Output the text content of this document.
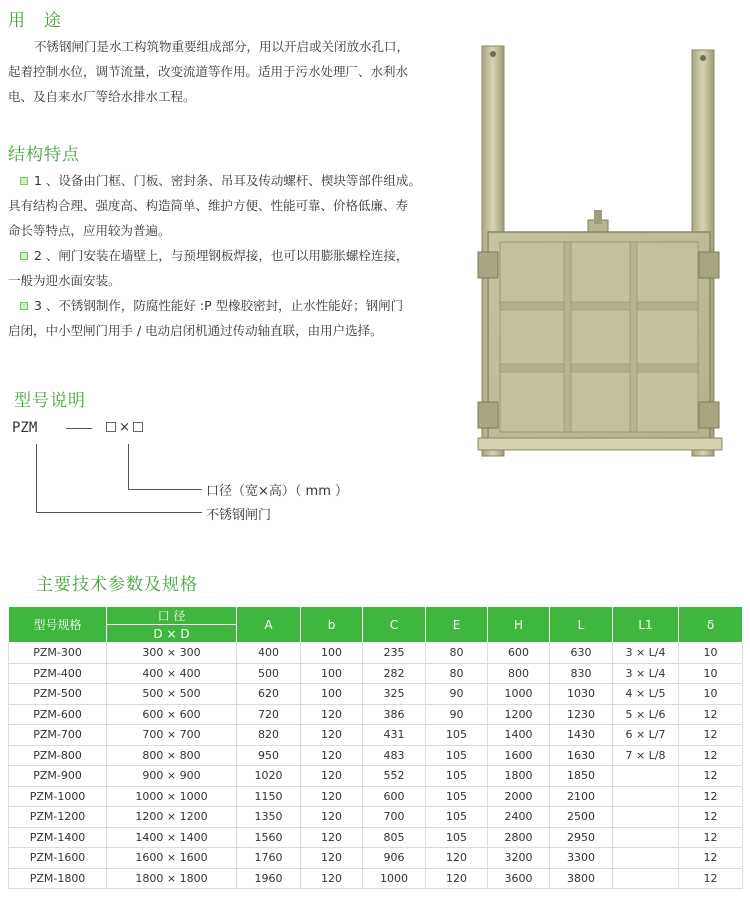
用　途
不锈钢闸门是水工构筑物重要组成部分，用以开启或关闭放水孔口，
起着控制水位，调节流量，改变流道等作用。适用于污水处理厂、水利水
电、及自来水厂等给水排水工程。
结构特点
1 、设备由门框、门板、密封条、吊耳及传动螺杆、楔块等部件组成。
具有结构合理、强度高、构造简单、维护方便、性能可靠、价格低廉、寿
命长等特点，应用较为普遍。
2 、闸门安装在墙壁上，与预埋钢板焊接，也可以用膨胀螺栓连接，
一般为迎水面安装。
3 、不锈钢制作，防腐性能好 :P 型橡胶密封，止水性能好；钢闸门
启闭，中小型闸门用手 / 电动启闭机通过传动轴直联，由用户选择。
型号说明
PZM	×
口径（宽×高）（ mm ）
不锈钢闸门
主要技术参数及规格
型号规格	口 径	A	b	C	E	H	L	L1	δ
	D × D								
PZM-300	300 × 300	400	100	235	80	600	630	3 × L/4	10
PZM-400	400 × 400	500	100	282	80	800	830	3 × L/4	10
PZM-500	500 × 500	620	100	325	90	1000	1030	4 × L/5	10
PZM-600	600 × 600	720	120	386	90	1200	1230	5 × L/6	12
PZM-700	700 × 700	820	120	431	105	1400	1430	6 × L/7	12
PZM-800	800 × 800	950	120	483	105	1600	1630	7 × L/8	12
PZM-900	900 × 900	1020	120	552	105	1800	1850		12
PZM-1000	1000 × 1000	1150	120	600	105	2000	2100		12
PZM-1200	1200 × 1200	1350	120	700	105	2400	2500		12
PZM-1400	1400 × 1400	1560	120	805	105	2800	2950		12
PZM-1600	1600 × 1600	1760	120	906	120	3200	3300		12
PZM-1800	1800 × 1800	1960	120	1000	120	3600	3800		12
